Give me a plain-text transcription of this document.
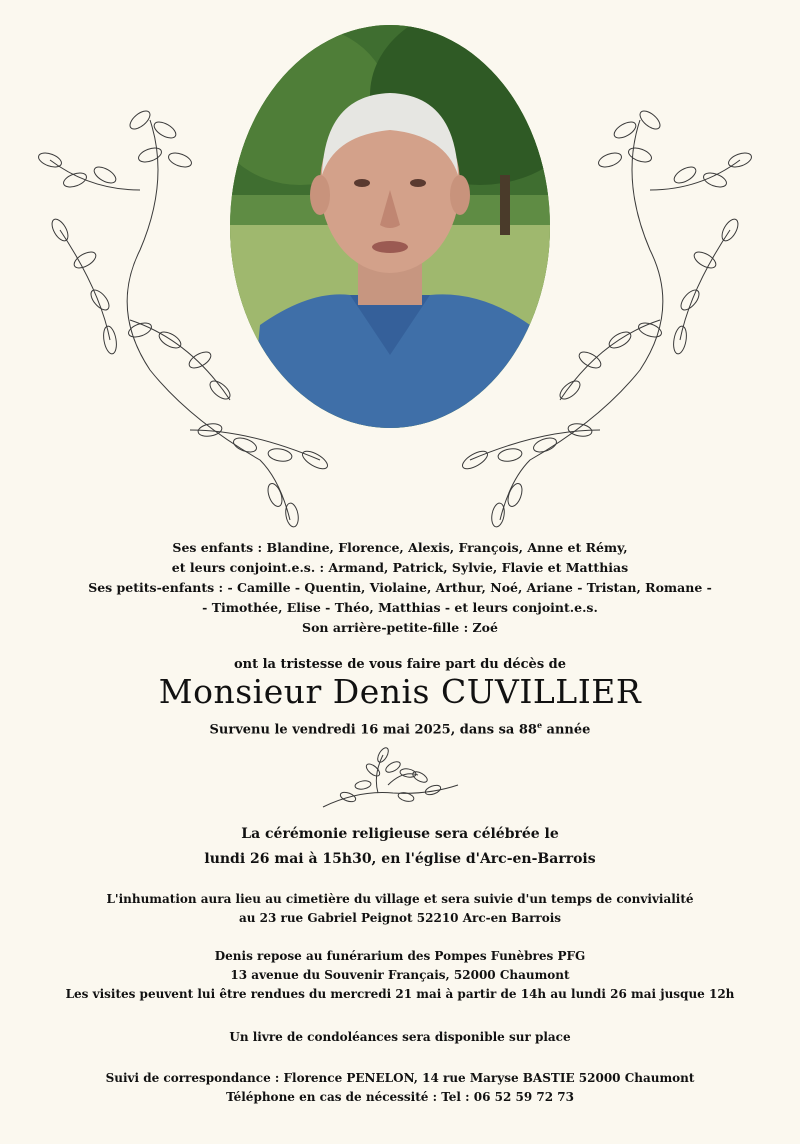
Ses enfants : Blandine, Florence, Alexis, François, Anne et Rémy,
et leurs conjoint.e.s. : Armand, Patrick, Sylvie, Flavie et Matthias
Ses petits-enfants : - Camille - Quentin, Violaine, Arthur, Noé, Ariane - Tristan, Romane -
- Timothée, Elise - Théo, Matthias - et leurs conjoint.e.s.
Son arrière-petite-fille : Zoé
ont la tristesse de vous faire part du décès de
Monsieur Denis CUVILLIER
Survenu le vendredi 16 mai 2025, dans sa 88e année
La cérémonie religieuse sera célébrée le
lundi 26 mai à 15h30, en l'église d'Arc-en-Barrois
L'inhumation aura lieu au cimetière du village et sera suivie d'un temps de convivialité
au 23 rue Gabriel Peignot 52210 Arc-en Barrois
Denis repose au funérarium des Pompes Funèbres PFG
13 avenue du Souvenir Français, 52000 Chaumont
Les visites peuvent lui être rendues du mercredi 21 mai à partir de 14h au lundi 26 mai jusque 12h
Un livre de condoléances sera disponible sur place
Suivi de correspondance : Florence PENELON, 14 rue Maryse BASTIE 52000 Chaumont
Téléphone en cas de nécessité : Tel : 06 52 59 72 73
